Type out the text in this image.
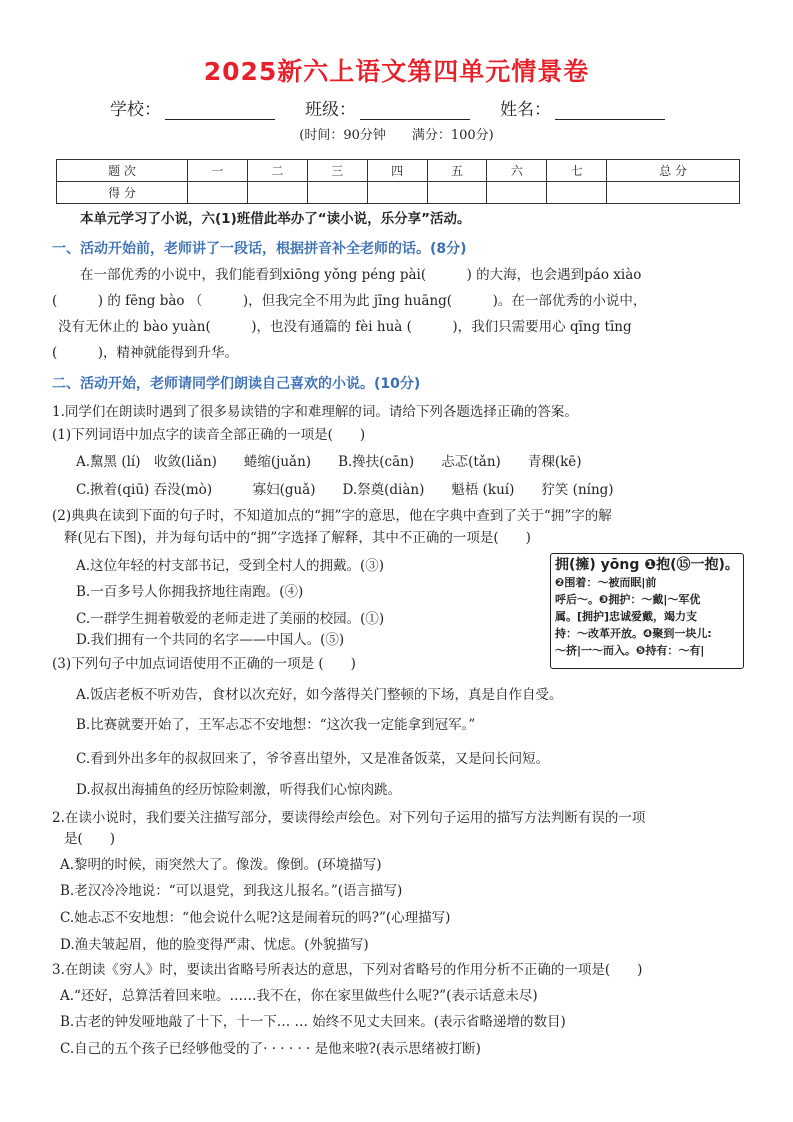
2025新六上语文第四单元情景卷
学校：	班级：	姓名：
(时间：90分钟　　满分：100分)
题 次	一	二	三	四	五	六	七	总 分
得 分								
本单元学习了小说，六(1)班借此举办了“读小说，乐分享”活动。
一、活动开始前，老师讲了一段话，根据拼音补全老师的话。(8分)
在一部优秀的小说中，我们能看到xiōng yǒng péng pài(　　　) 的大海，也会遇到páo xiào
(　　　) 的 fēng bào （　　　)，但我完全不用为此 jīng huāng(　　　)。在一部优秀的小说中，
没有无休止的 bào yuàn(　　　)，也没有通篇的 fèi huà (　　　)，我们只需要用心 qīng tīng
(　　　)，精神就能得到升华。
二、活动开始，老师请同学们朗读自己喜欢的小说。(10分)
1.同学们在朗读时遇到了很多易读错的字和难理解的词。请给下列各题选择正确的答案。
(1)下列词语中加点字的读音全部正确的一项是(　　)
A.黧黑 (lí)　收敛(liǎn)　　蜷缩(juǎn)　　B.搀扶(cān)　　忐忑(tǎn)　　青稞(kē)
C.揪着(qiū) 吞没(mò)　　　寡妇(guǎ)　　D.祭奠(diàn)　　魁梧 (kuí)　　狞笑 (níng)
(2)典典在读到下面的句子时，不知道加点的“拥”字的意思，他在字典中查到了关于“拥”字的解
释(见右下图)，并为每句话中的“拥”字选择了解释，其中不正确的一项是(　　)
A.这位年轻的村支部书记，受到全村人的拥戴。(③)
B.一百多号人你拥我挤地往南跑。(④)
C.一群学生拥着敬爱的老师走进了美丽的校园。(①)
D.我们拥有一个共同的名字——中国人。(⑤)
拥(擁) yōng ❶抱(⑮一抱)。
❷围着：～被而眠|前
呼后～。❸拥护：～戴|～军优
属。[拥护]忠诚爱戴，竭力支
持：～改革开放。❹聚到一块儿:
～挤|一～而入。❺持有：～有|
(3)下列句子中加点词语使用不正确的一项是 (　　)
A.饭店老板不听劝告，食材以次充好，如今落得关门整顿的下场，真是自作自受。
B.比赛就要开始了，王军忐忑不安地想：“这次我一定能拿到冠军。”
C.看到外出多年的叔叔回来了，爷爷喜出望外，又是准备饭菜，又是问长问短。
D.叔叔出海捕鱼的经历惊险刺激，听得我们心惊肉跳。
2.在读小说时，我们要关注描写部分，要读得绘声绘色。对下列句子运用的描写方法判断有误的一项
是(　　)
A.黎明的时候，雨突然大了。像泼。像倒。(环境描写)
B.老汉冷冷地说：“可以退党，到我这儿报名。”(语言描写)
C.她忐忑不安地想：“他会说什么呢?这是闹着玩的吗?”(心理描写)
D.渔夫皱起眉，他的脸变得严肃、忧虑。(外貌描写)
3.在朗读《穷人》时，要读出省略号所表达的意思，下列对省略号的作用分析不正确的一项是(　　)
A.“还好，总算活着回来啦。……我不在，你在家里做些什么呢?”(表示话意未尽)
B.古老的钟发哑地敲了十下，十一下… … 始终不见丈夫回来。(表示省略递增的数目)
C.自己的五个孩子已经够他受的了· · · · · · 是他来啦?(表示思绪被打断)
